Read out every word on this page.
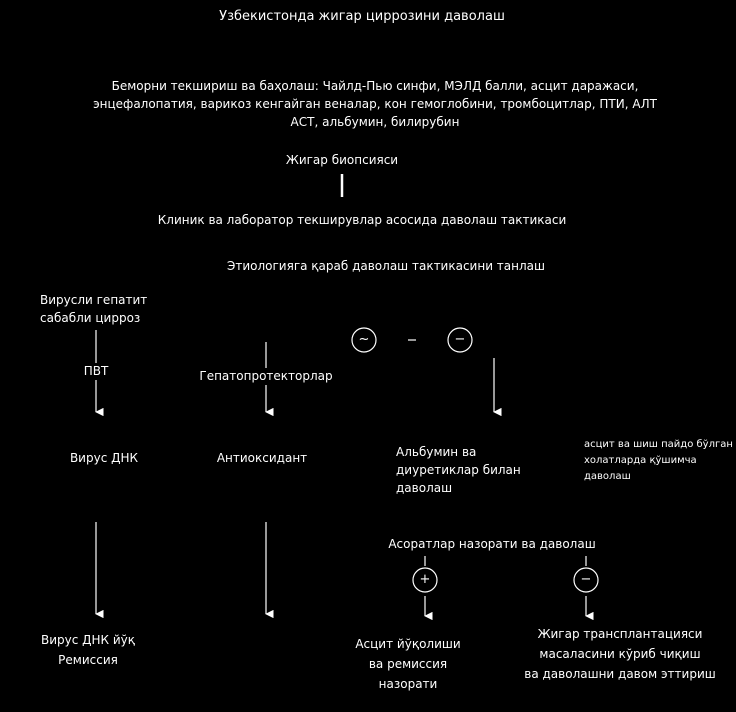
~	−
+	−
Узбекистонда жигар циррозини даволаш
Беморни текшириш ва баҳолаш: Чайлд-Пью синфи, МЭЛД балли, асцит даражаси,
энцефалопатия, варикоз кенгайган веналар, кон гемоглобини, тромбоцитлар, ПТИ, АЛТ
АСТ, альбумин, билирубин
Жигар биопсияси
Клиник ва лаборатор текширувлар асосида даволаш тактикаси
Этиологияга қараб даволаш тактикасини танлаш
Вирусли гепатит
сабабли цирроз
ПВТ	Гепатопротекторлар
Вирус ДНК	Антиоксидант	Альбумин ва
диуретиклар билан
даволаш
асцит ва шиш пайдо бўлган
холатларда қўшимча
даволаш
Асоратлар назорати ва даволаш
Вирус ДНК йўқ
Ремиссия
Асцит йўқолиши
ва ремиссия
назорати
Жигар трансплантацияси
масаласини кўриб чиқиш
ва даволашни давом эттириш
